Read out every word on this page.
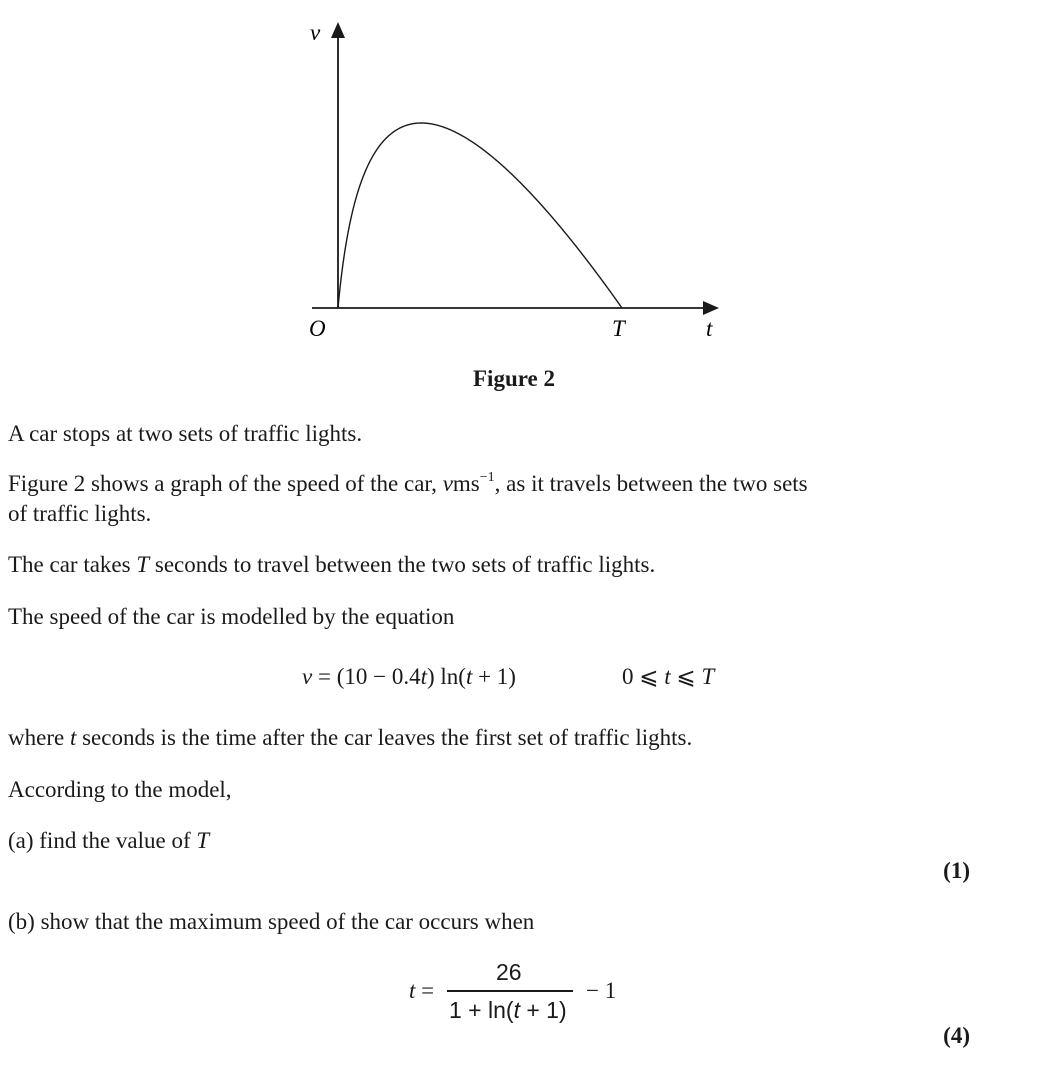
v
O	T	t
Figure 2
A car stops at two sets of traffic lights.
Figure 2 shows a graph of the speed of the car, vms$^{-1}$, as it travels between the two sets
of traffic lights.
The car takes T seconds to travel between the two sets of traffic lights.
The speed of the car is modelled by the equation
v = (10 − 0.4t) ln(t + 1)	0 ⩽ t ⩽ T
where t seconds is the time after the car leaves the first set of traffic lights.
According to the model,
(a) find the value of T
(1)
(b) show that the maximum speed of the car occurs when
t =
26
1 + ln(t + 1)
− 1
(4)
